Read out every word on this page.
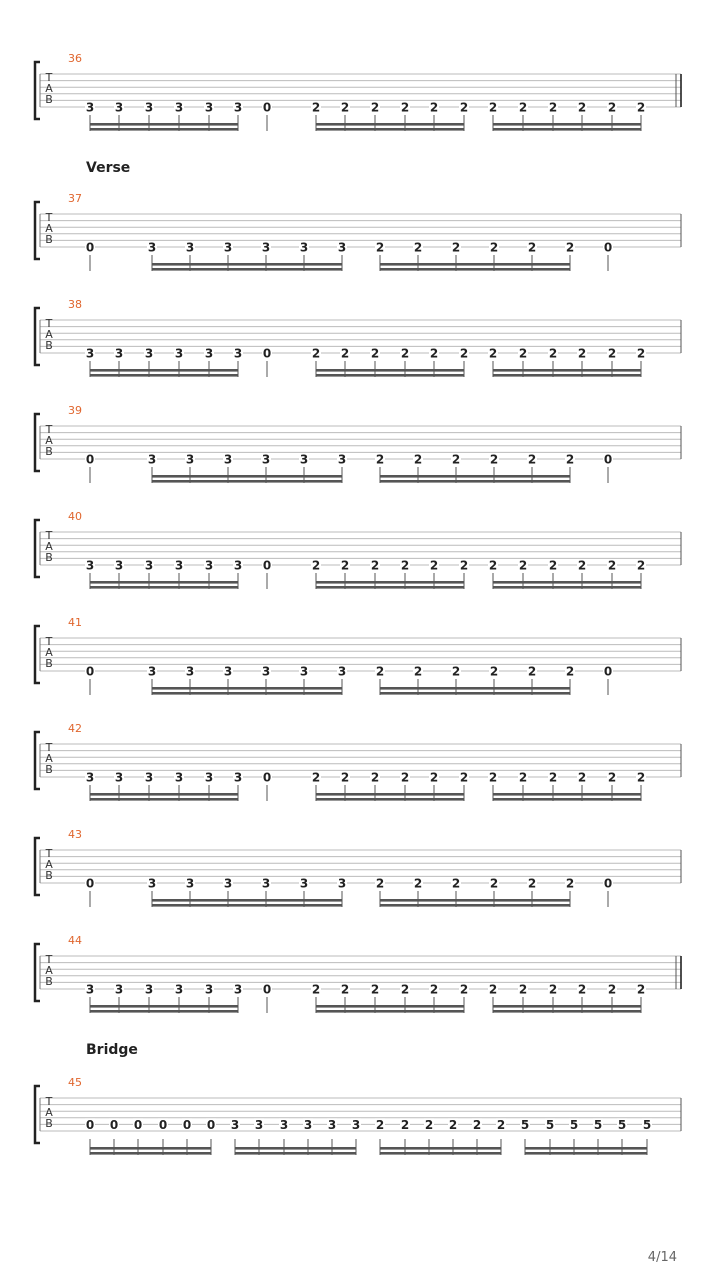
Verse
Bridge
4/14
T
A
B
36
3 3 3 3 3 3 0	2 2 2 2 2 2 2 2 2 2 2 2
T
A
B
37
0	3 3 3 3 3 3 2 2 2 2 2 2 0
T
A
B
38
3 3 3 3 3 3 0	2 2 2 2 2 2 2 2 2 2 2 2
T
A
B
39
0	3 3 3 3 3 3 2 2 2 2 2 2 0
T
A
B
40
3 3 3 3 3 3 0	2 2 2 2 2 2 2 2 2 2 2 2
T
A
B
41
0	3 3 3 3 3 3 2 2 2 2 2 2 0
T
A
B
42
3 3 3 3 3 3 0	2 2 2 2 2 2 2 2 2 2 2 2
T
A
B
43
0	3 3 3 3 3 3 2 2 2 2 2 2 0
T
A
B
44
3 3 3 3 3 3 0	2 2 2 2 2 2 2 2 2 2 2 2
T
A
B
45
0 0 0 0 0 0 3 3 3 3 3 3 2 2 2 2 2 2 5 5 5 5 5 5
